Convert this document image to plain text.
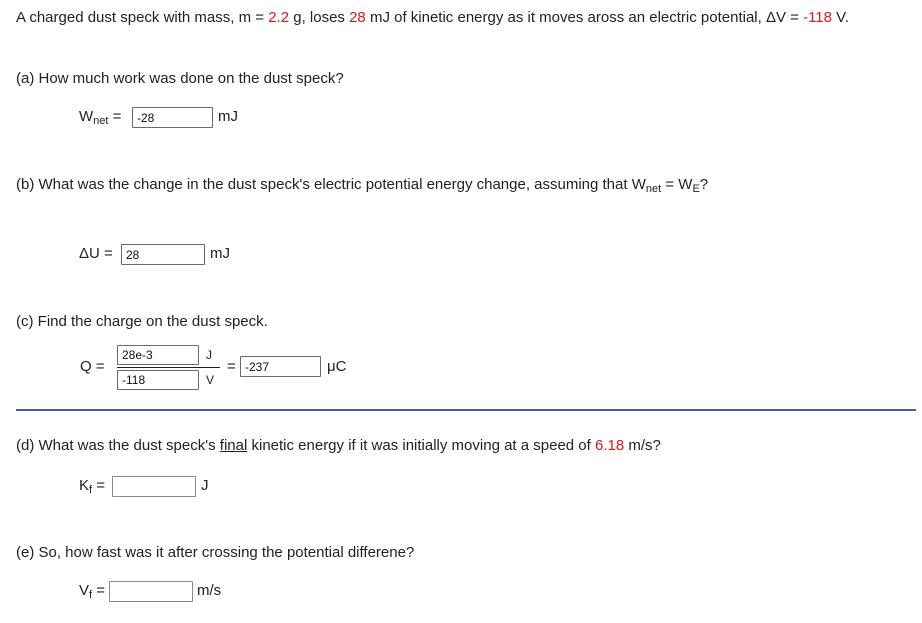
A charged dust speck with mass, m = 2.2 g, loses 28 mJ of kinetic energy as it moves aross an electric potential, ΔV = -118 V.
(a) How much work was done on the dust speck?
$W_{net}$ =
-28	mJ
(b) What was the change in the dust speck's electric potential energy change, assuming that $W_{net} = W_E$?
ΔU =
28	mJ
(c) Find the charge on the dust speck.
Q =
28e-3
J
-118
V
=
-237	μC
(d) What was the dust speck's final kinetic energy if it was initially moving at a speed of 6.18 m/s?
$K_f$ =	J
(e) So, how fast was it after crossing the potential differene?
$V_f$ =	m/s
